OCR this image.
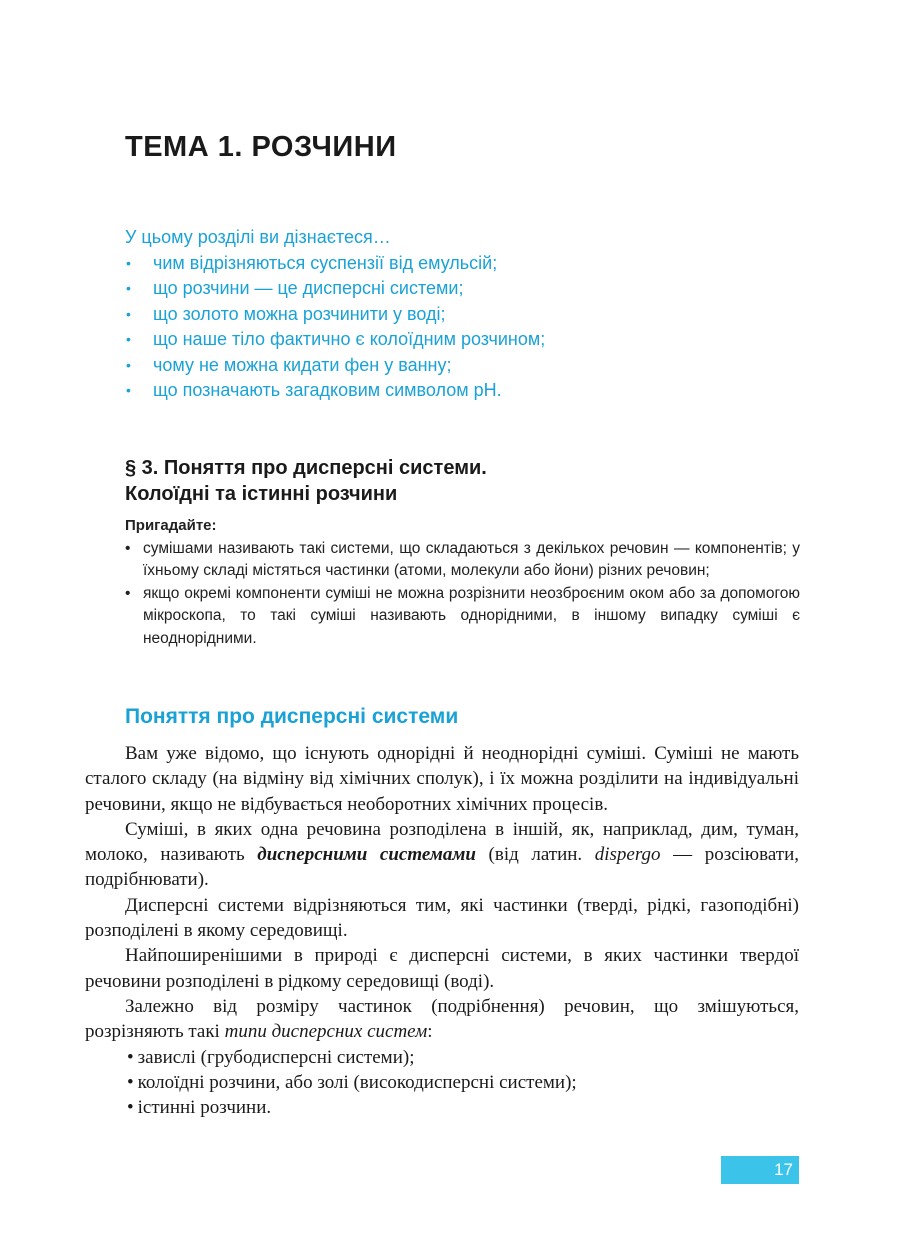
ТЕМА 1. РОЗЧИНИ

У цьому розділі ви дізнаєтеся…

• чим відрізняються суспензії від емульсій;
• що розчини — це дисперсні системи;
• що золото можна розчинити у воді;
• що наше тіло фактично є колоїдним розчином;
• чому не можна кидати фен у ванну;
• що позначають загадковим символом pH.
§ 3. Поняття про дисперсні системи.
Колоїдні та істинні розчини

Пригадайте:

• сумішами називають такі системи, що складаються з декількох речовин — компонентів; у їхньому складі містяться частинки (атоми, молекули або йони) різних речовин;
• якщо окремі компоненти суміші не можна розрізнити неозброєним оком або за допомогою мікроскопа, то такі суміші називають однорідними, в іншому випадку суміші є неоднорідними.
Поняття про дисперсні системи

Вам уже відомо, що існують однорідні й неоднорідні суміші. Суміші не мають сталого складу (на відміну від хімічних сполук), і їх можна розділити на індивідуальні речовини, якщо не відбувається необоротних хімічних процесів.

Суміші, в яких одна речовина розподілена в іншій, як, наприклад, дим, туман, молоко, називають дисперсними системами (від латин. dispergo — розсіювати, подрібнювати).

Дисперсні системи відрізняються тим, які частинки (тверді, рідкі, газоподібні) розподілені в якому середовищі.

Найпоширенішими в природі є дисперсні системи, в яких частинки твердої речовини розподілені в рідкому середовищі (воді).

Залежно від розміру частинок (подрібнення) речовин, що змішуються, розрізняють такі типи дисперсних систем:

• завислі (грубодисперсні системи);
• колоїдні розчини, або золі (високодисперсні системи);
• істинні розчини.
17
